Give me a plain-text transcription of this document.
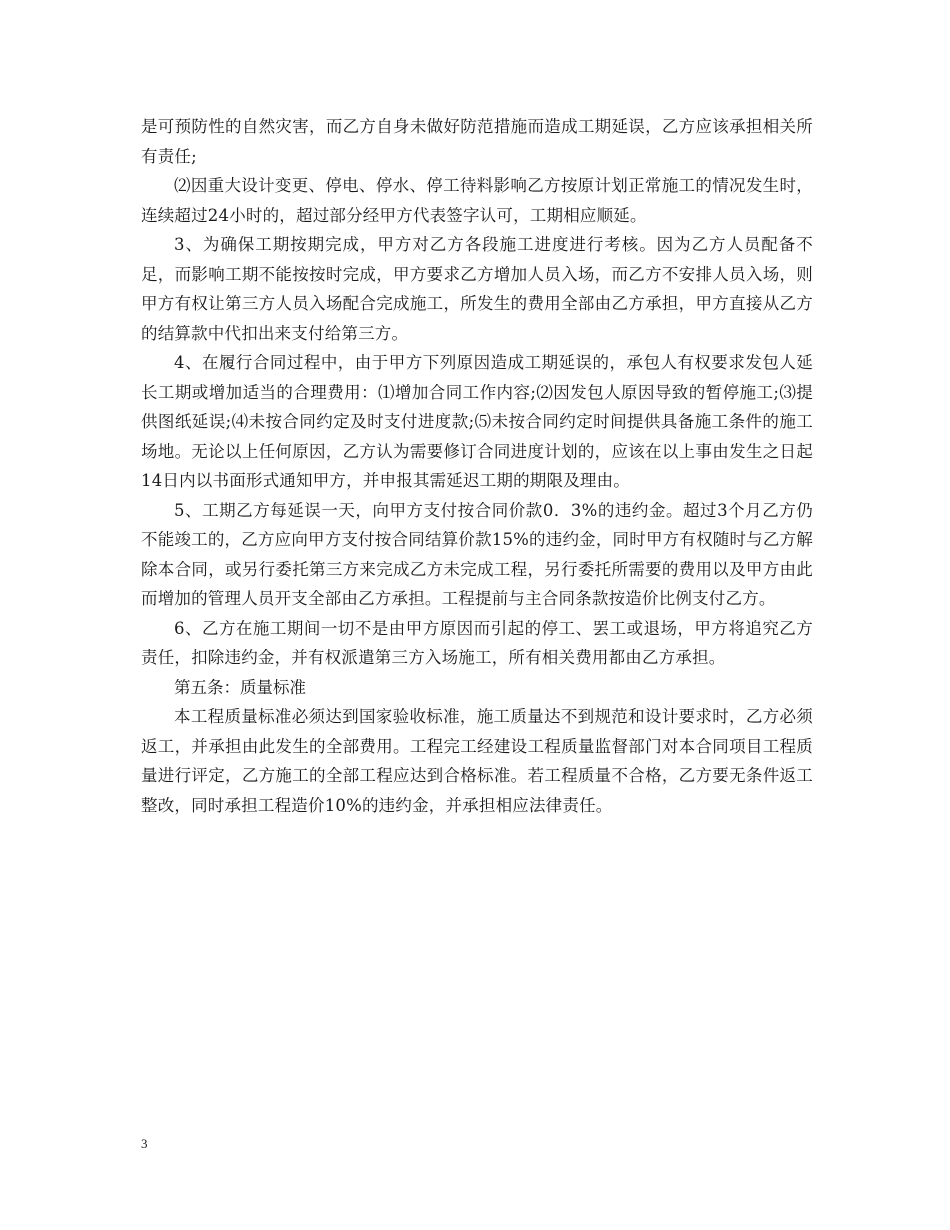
是可预防性的自然灾害，而乙方自身未做好防范措施而造成工期延误，乙方应该承担相关所有责任;

⑵因重大设计变更、停电、停水、停工待料影响乙方按原计划正常施工的情况发生时，连续超过24小时的，超过部分经甲方代表签字认可，工期相应顺延。

3、为确保工期按期完成，甲方对乙方各段施工进度进行考核。因为乙方人员配备不足，而影响工期不能按按时完成，甲方要求乙方增加人员入场，而乙方不安排人员入场，则甲方有权让第三方人员入场配合完成施工，所发生的费用全部由乙方承担，甲方直接从乙方的结算款中代扣出来支付给第三方。

4、在履行合同过程中，由于甲方下列原因造成工期延误的，承包人有权要求发包人延长工期或增加适当的合理费用：⑴增加合同工作内容;⑵因发包人原因导致的暂停施工;⑶提供图纸延误;⑷未按合同约定及时支付进度款;⑸未按合同约定时间提供具备施工条件的施工场地。无论以上任何原因，乙方认为需要修订合同进度计划的，应该在以上事由发生之日起14日内以书面形式通知甲方，并申报其需延迟工期的期限及理由。

5、工期乙方每延误一天，向甲方支付按合同价款0．3%的违约金。超过3个月乙方仍不能竣工的，乙方应向甲方支付按合同结算价款15%的违约金，同时甲方有权随时与乙方解除本合同，或另行委托第三方来完成乙方未完成工程，另行委托所需要的费用以及甲方由此而增加的管理人员开支全部由乙方承担。工程提前与主合同条款按造价比例支付乙方。

6、乙方在施工期间一切不是由甲方原因而引起的停工、罢工或退场，甲方将追究乙方责任，扣除违约金，并有权派遣第三方入场施工，所有相关费用都由乙方承担。

第五条：质量标准

本工程质量标准必须达到国家验收标准，施工质量达不到规范和设计要求时，乙方必须返工，并承担由此发生的全部费用。工程完工经建设工程质量监督部门对本合同项目工程质量进行评定，乙方施工的全部工程应达到合格标准。若工程质量不合格，乙方要无条件返工整改，同时承担工程造价10%的违约金，并承担相应法律责任。

3
